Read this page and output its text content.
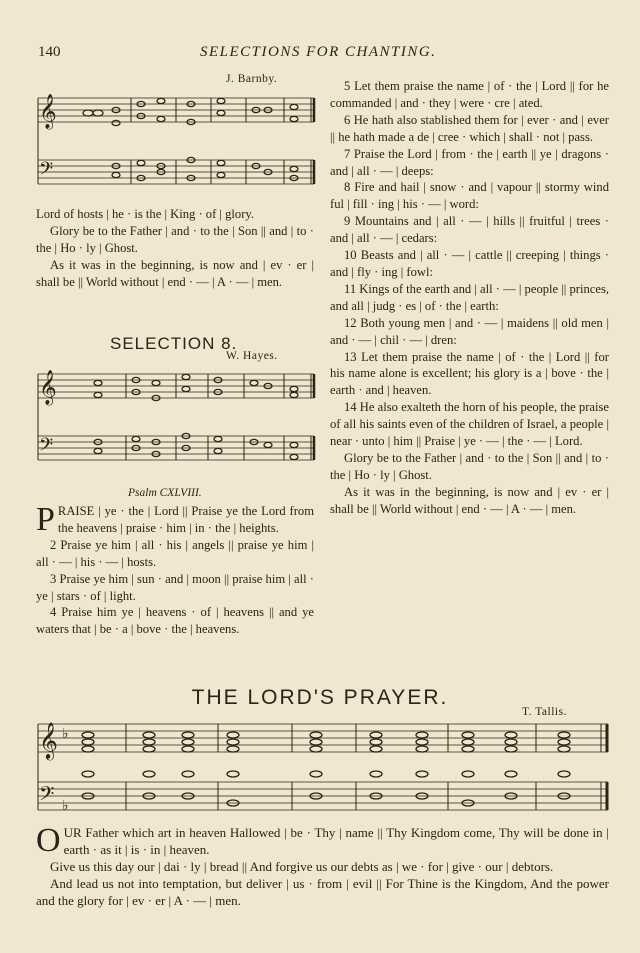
140	SELECTIONS FOR CHANTING.
J. Barnby.
𝄞
𝄢

Lord of hosts | he · is the | King · of | glory.

Glory be to the Father | and · to the | Son || and | to · the | Ho · ly | Ghost.

As it was in the beginning, is now and | ev · er | shall be || World without | end · — | A · — | men.

SELECTION 8.
W. Hayes.
𝄞
𝄢
Psalm CXLVIII.

PRAISE | ye · the | Lord || Praise ye the Lord from the heavens | praise · him | in · the | heights.

2 Praise ye him | all · his | angels || praise ye him | all · — | his · — | hosts.

3 Praise ye him | sun · and | moon || praise him | all · ye | stars · of | light.

4 Praise him ye | heavens · of | heavens || and ye waters that | be · a | bove · the | heavens.

5 Let them praise the name | of · the | Lord || for he commanded | and · they | were · cre | ated.

6 He hath also stablished them for | ever · and | ever || he hath made a de | cree · which | shall · not | pass.

7 Praise the Lord | from · the | earth || ye | dragons · and | all · — | deeps:

8 Fire and hail | snow · and | vapour || stormy wind ful | fill · ing | his · — | word:

9 Mountains and | all · — | hills || fruitful | trees · and | all · — | cedars:

10 Beasts and | all · — | cattle || creeping | things · and | fly · ing | fowl:

11 Kings of the earth and | all · — | people || princes, and all | judg · es | of · the | earth:

12 Both young men | and · — | maidens || old men | and · — | chil · — | dren:

13 Let them praise the name | of · the | Lord || for his name alone is excellent; his glory is a | bove · the | earth · and | heaven.

14 He also exalteth the horn of his people, the praise of all his saints even of the children of Israel, a people | near · unto | him || Praise | ye · — | the · — | Lord.

Glory be to the Father | and · to the | Son || and | to · the | Ho · ly | Ghost.

As it was in the beginning, is now and | ev · er | shall be || World without | end · — | A · — | men.

THE LORD'S PRAYER.
T. Tallis.
𝄞 ♭
𝄢 ♭

OUR Father which art in heaven Hallowed | be · Thy | name || Thy Kingdom come, Thy will be done in | earth · as it | is · in | heaven.

Give us this day our | dai · ly | bread || And forgive us our debts as | we · for | give · our | debtors.

And lead us not into temptation, but deliver | us · from | evil || For Thine is the Kingdom, And the power and the glory for | ev · er | A · — | men.
